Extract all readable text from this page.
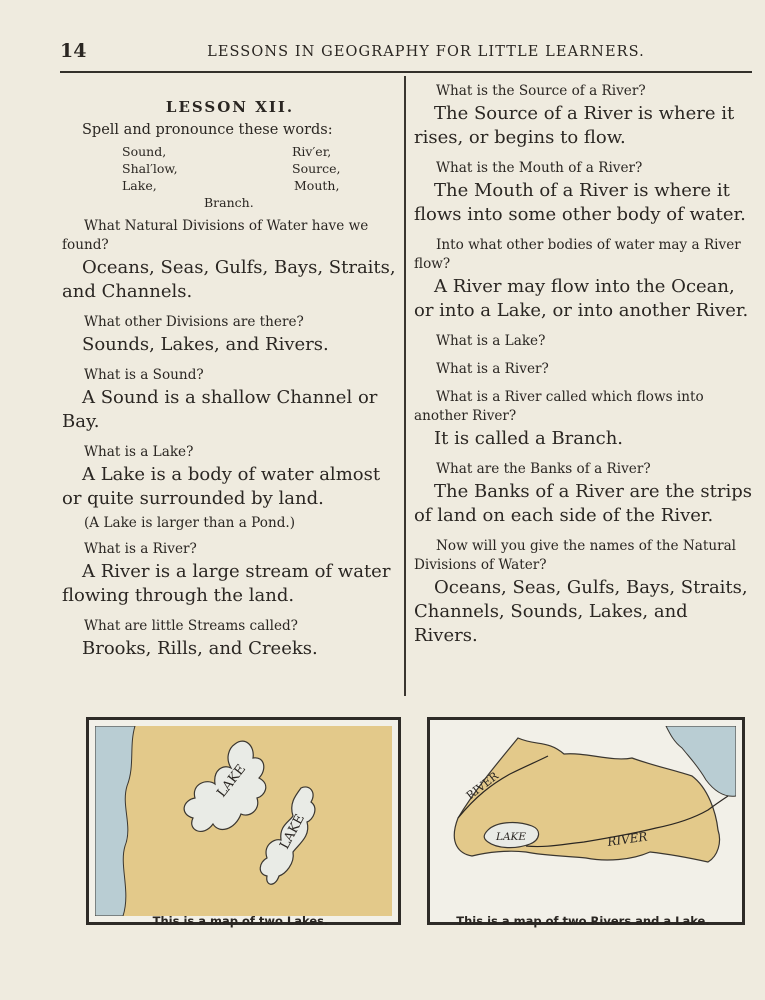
14	LESSONS IN GEOGRAPHY FOR LITTLE LEARNERS.
LESSON XII.
Spell and pronounce these words:
Sound,
Shal′low,
Lake,
Riv′er,
Source,
Mouth,
Branch.

What Natural Divisions of Water have we found?

Oceans, Seas, Gulfs, Bays, Straits, and Channels.

What other Divisions are there?

Sounds, Lakes, and Rivers.

What is a Sound?

A Sound is a shallow Channel or Bay.

What is a Lake?

A Lake is a body of water almost or quite surrounded by land.

(A Lake is larger than a Pond.)

What is a River?

A River is a large stream of water flowing through the land.

What are little Streams called?

Brooks, Rills, and Creeks.

What is the Source of a River?

The Source of a River is where it rises, or begins to flow.

What is the Mouth of a River?

The Mouth of a River is where it flows into some other body of water.

Into what other bodies of water may a River flow?

A River may flow into the Ocean, or into a Lake, or into another River.

What is a Lake?

What is a River?

What is a River called which flows into another River?

It is called a Branch.

What are the Banks of a River?

The Banks of a River are the strips of land on each side of the River.

Now will you give the names of the Natural Divisions of Water?

Oceans, Seas, Gulfs, Bays, Straits, Channels, Sounds, Lakes, and Rivers.

LAKE
LAKE
This is a map of two Lakes.
RIVER
RIVER
LAKE
This is a map of two Rivers and a Lake.
